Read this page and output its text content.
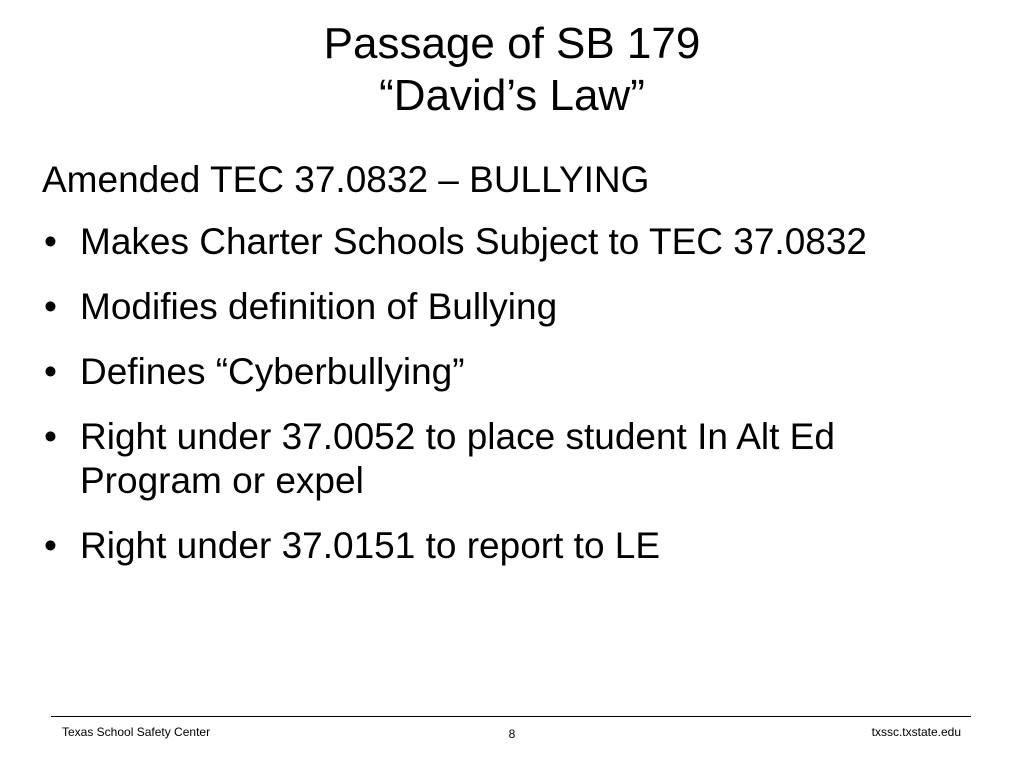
Passage of SB 179
“David’s Law”
Amended TEC 37.0832 – BULLYING
• Makes Charter Schools Subject to TEC 37.0832
• Modifies definition of Bullying
• Defines “Cyberbullying”
• Right under 37.0052 to place student In Alt Ed Program or expel
• Right under 37.0151 to report to LE
Texas School Safety Center	8	txssc.txstate.edu
